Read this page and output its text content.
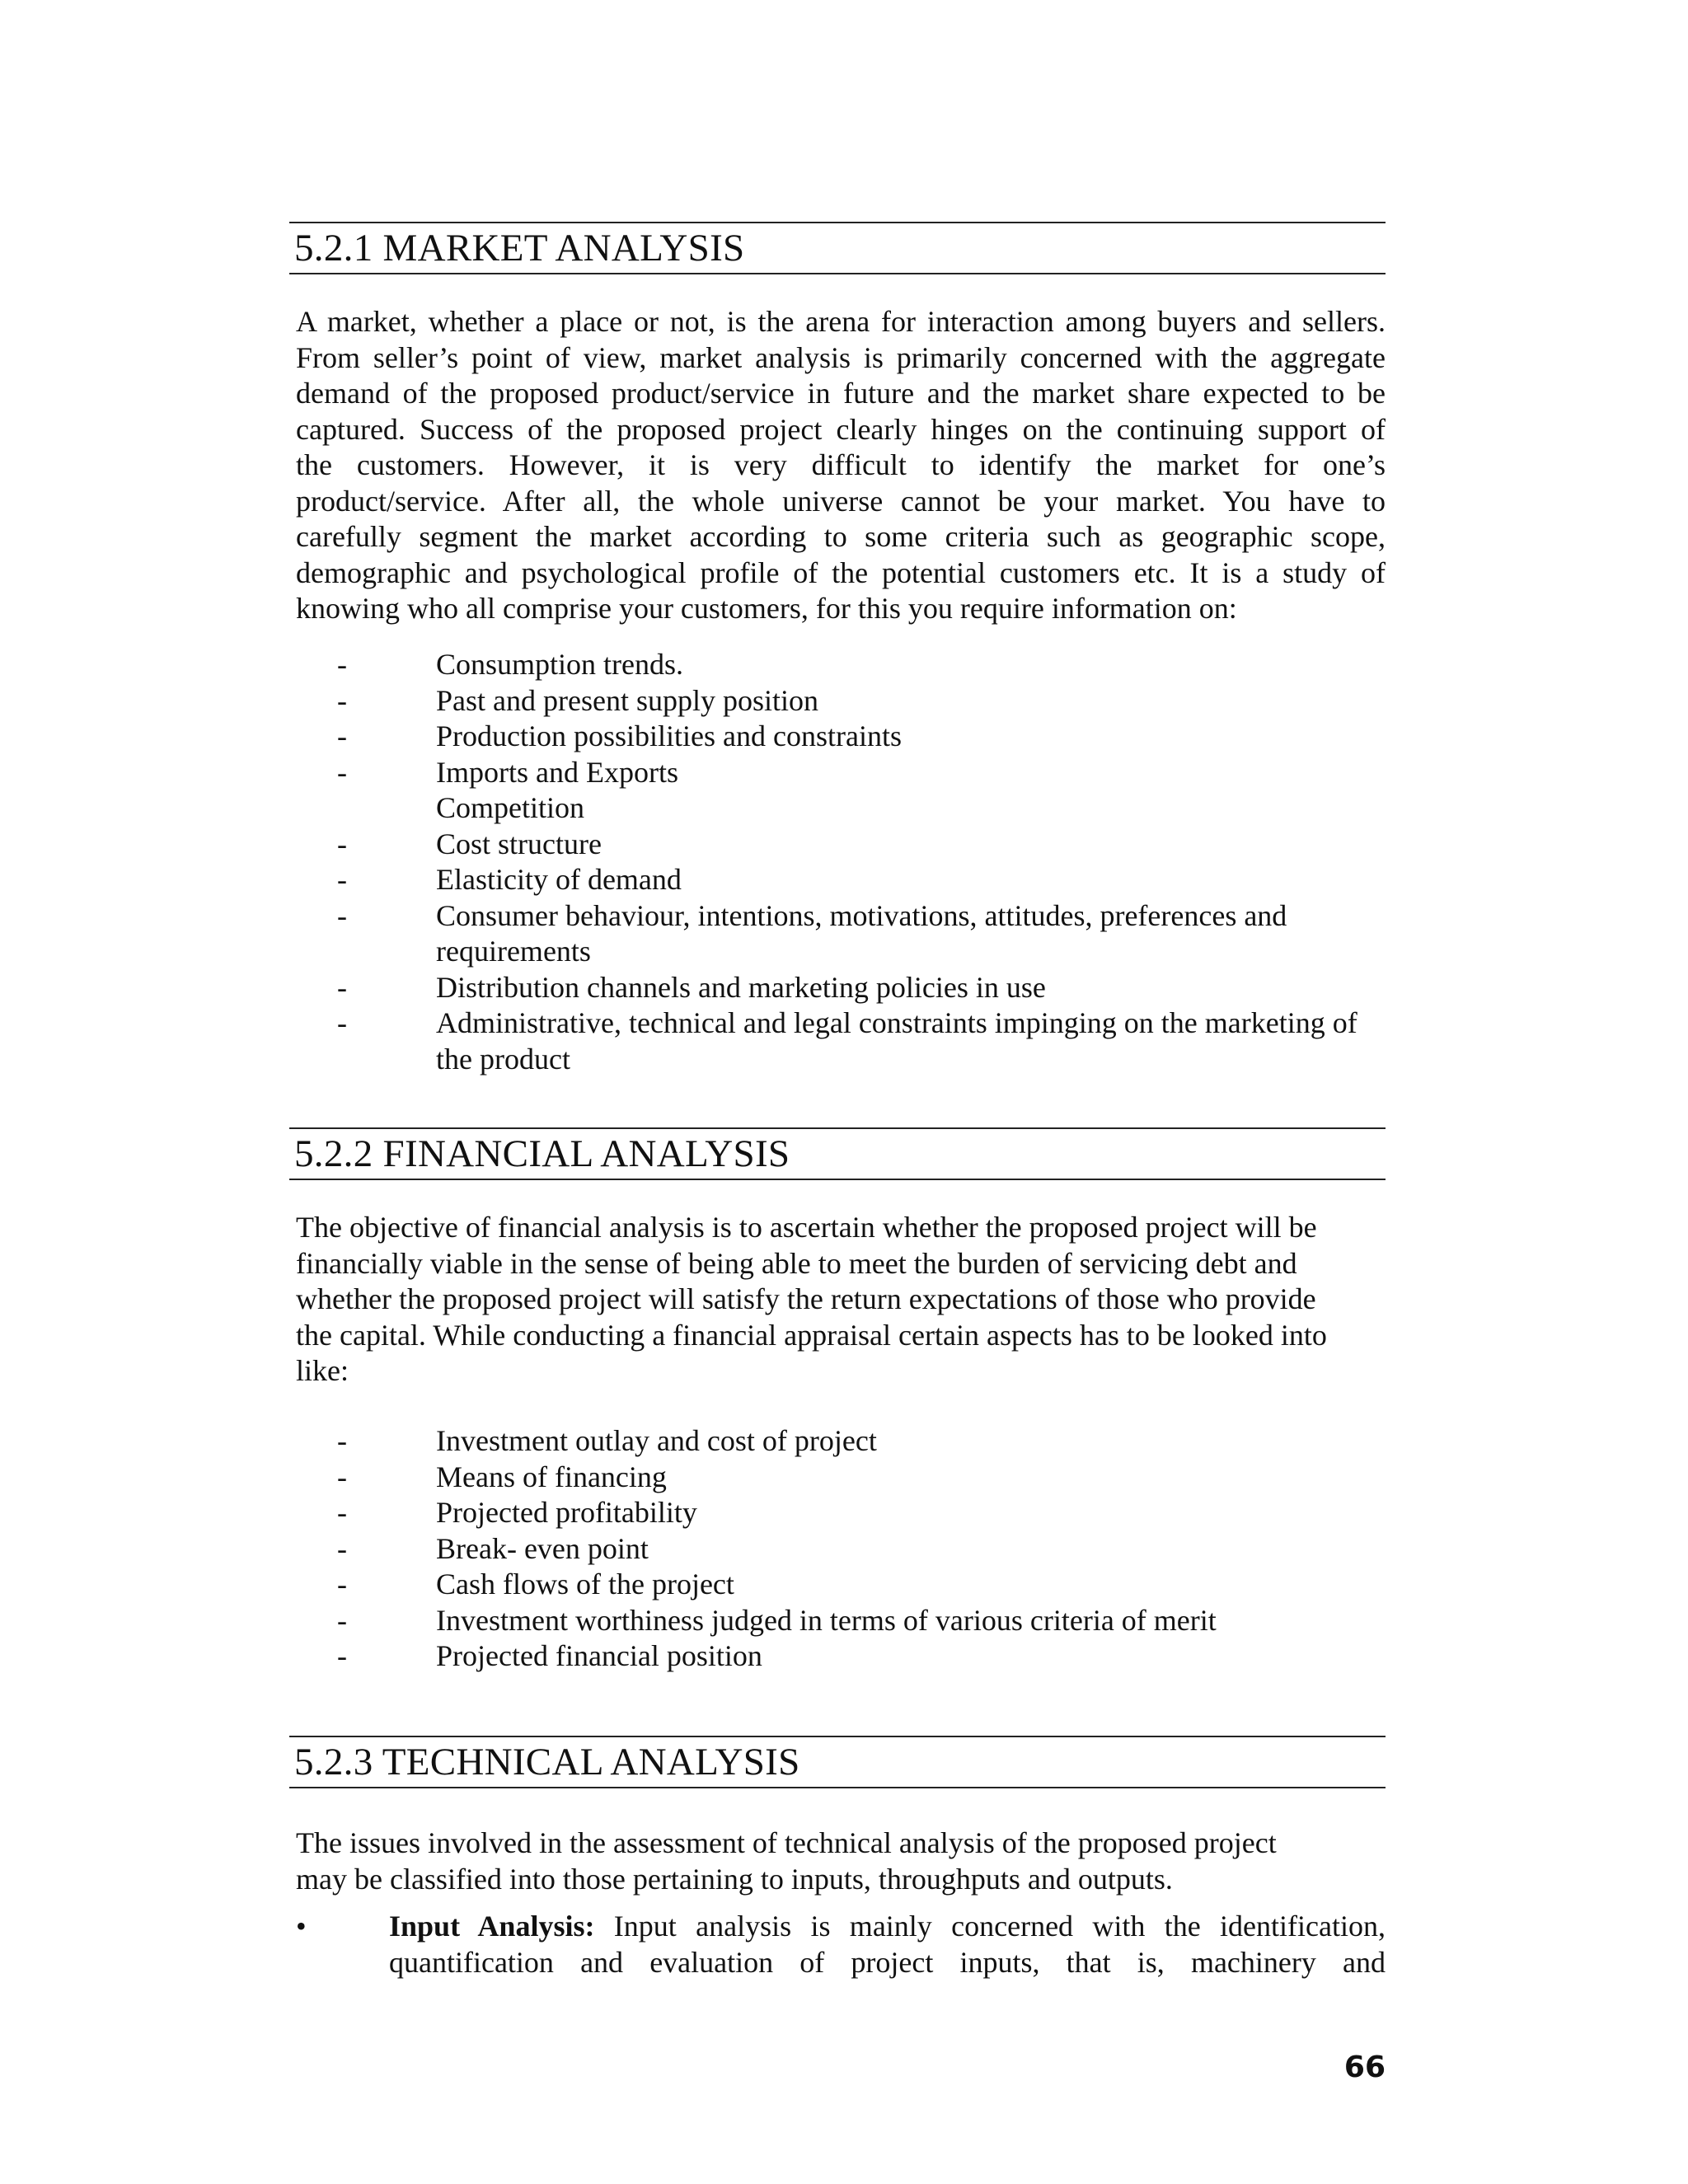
5.2.1 MARKET ANALYSIS
A market, whether a place or not, is the arena for interaction among buyers and sellers.
From seller’s point of view, market analysis is primarily concerned with the aggregate
demand of the proposed product/service in future and the market share expected to be
captured. Success of the proposed project clearly hinges on the continuing support of
the customers. However, it is very difficult to identify the market for one’s
product/service. After all, the whole universe cannot be your market. You have to
carefully segment the market according to some criteria such as geographic scope,
demographic and psychological profile of the potential customers etc. It is a study of
knowing who all comprise your customers, for this you require information on:
-	Consumption trends.
-	Past and present supply position
-	Production possibilities and constraints
-	Imports and Exports
Competition
-	Cost structure
-	Elasticity of demand
-	Consumer behaviour, intentions, motivations, attitudes, preferences and requirements
-	Distribution channels and marketing policies in use
-	Administrative, technical and legal constraints impinging on the marketing of the product
5.2.2 FINANCIAL ANALYSIS
The objective of financial analysis is to ascertain whether the proposed project will be
financially viable in the sense of being able to meet the burden of servicing debt and
whether the proposed project will satisfy the return expectations of those who provide
the capital. While conducting a financial appraisal certain aspects has to be looked into
like:
-	Investment outlay and cost of project
-	Means of financing
-	Projected profitability
-	Break- even point
-	Cash flows of the project
-	Investment worthiness judged in terms of various criteria of merit
-	Projected financial position
5.2.3 TECHNICAL ANALYSIS
The issues involved in the assessment of technical analysis of the proposed project
may be classified into those pertaining to inputs, throughputs and outputs.
•	Input Analysis: Input analysis is mainly concerned with the identification, quantification and evaluation of project inputs, that is, machinery and
66
